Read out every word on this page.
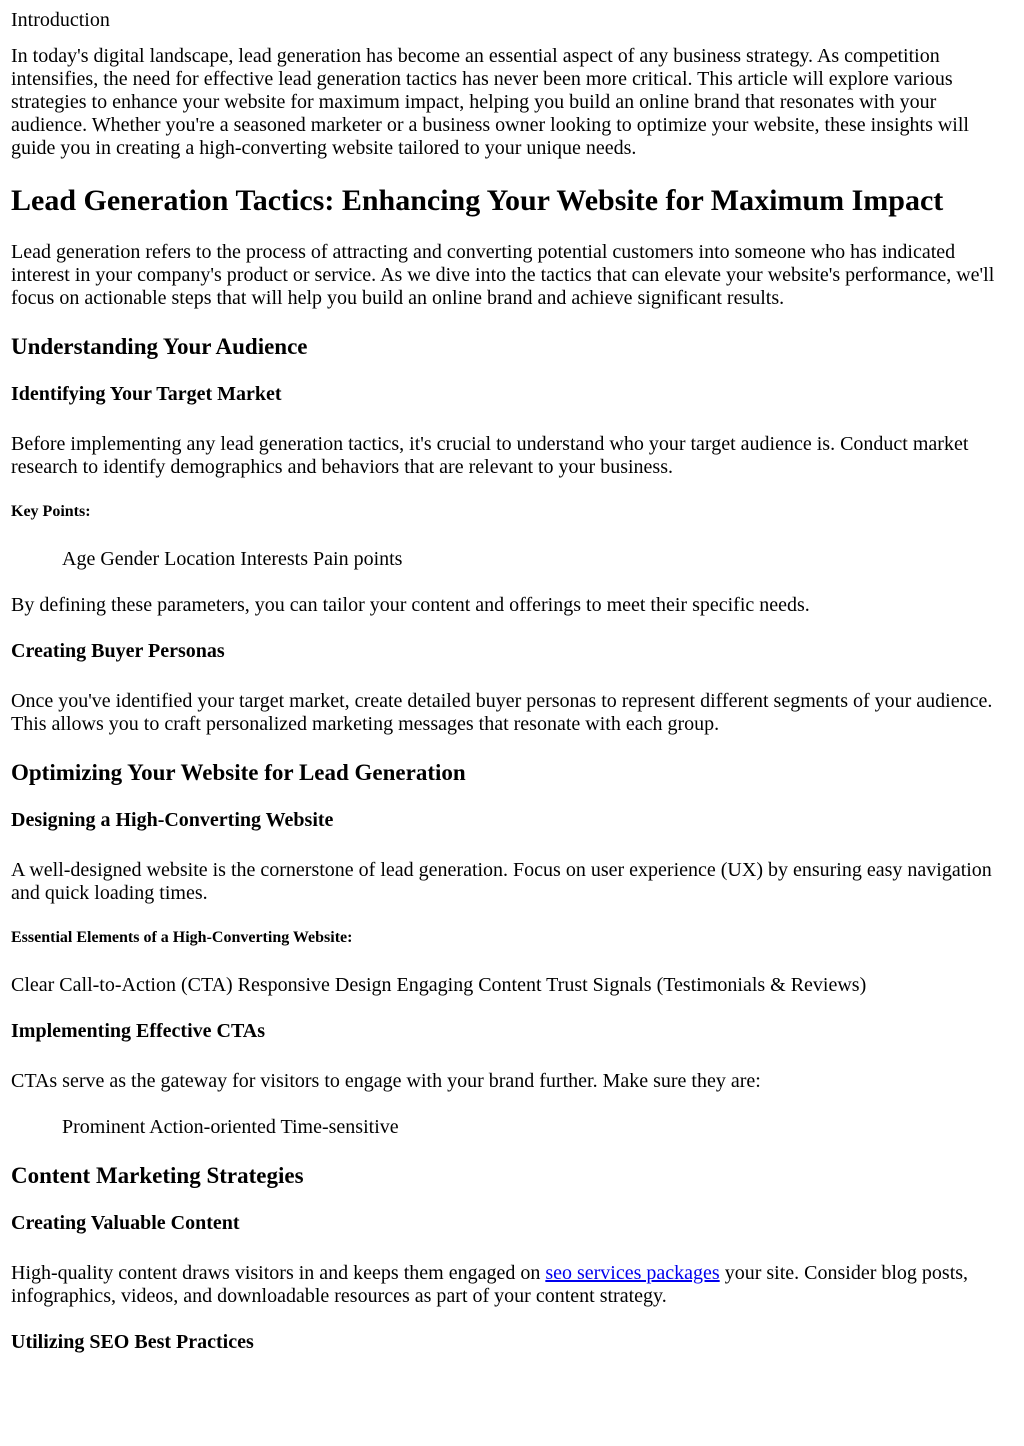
Introduction
In today's digital landscape, lead generation has become an essential aspect of any business strategy. As competition intensifies, the need for effective lead generation tactics has never been more critical. This article will explore various strategies to enhance your website for maximum impact, helping you build an online brand that resonates with your audience. Whether you're a seasoned marketer or a business owner looking to optimize your website, these insights will guide you in creating a high-converting website tailored to your unique needs.
Lead Generation Tactics: Enhancing Your Website for Maximum Impact
Lead generation refers to the process of attracting and converting potential customers into someone who has indicated interest in your company's product or service. As we dive into the tactics that can elevate your website's performance, we'll focus on actionable steps that will help you build an online brand and achieve significant results.
Understanding Your Audience
Identifying Your Target Market
Before implementing any lead generation tactics, it's crucial to understand who your target audience is. Conduct market research to identify demographics and behaviors that are relevant to your business.
Key Points:
Age Gender Location Interests Pain points
By defining these parameters, you can tailor your content and offerings to meet their specific needs.
Creating Buyer Personas
Once you've identified your target market, create detailed buyer personas to represent different segments of your audience. This allows you to craft personalized marketing messages that resonate with each group.
Optimizing Your Website for Lead Generation
Designing a High-Converting Website
A well-designed website is the cornerstone of lead generation. Focus on user experience (UX) by ensuring easy navigation and quick loading times.
Essential Elements of a High-Converting Website:
Clear Call-to-Action (CTA) Responsive Design Engaging Content Trust Signals (Testimonials & Reviews)
Implementing Effective CTAs
CTAs serve as the gateway for visitors to engage with your brand further. Make sure they are:
Prominent Action-oriented Time-sensitive
Content Marketing Strategies
Creating Valuable Content
High-quality content draws visitors in and keeps them engaged on seo services packages your site. Consider blog posts, infographics, videos, and downloadable resources as part of your content strategy.
Utilizing SEO Best Practices
